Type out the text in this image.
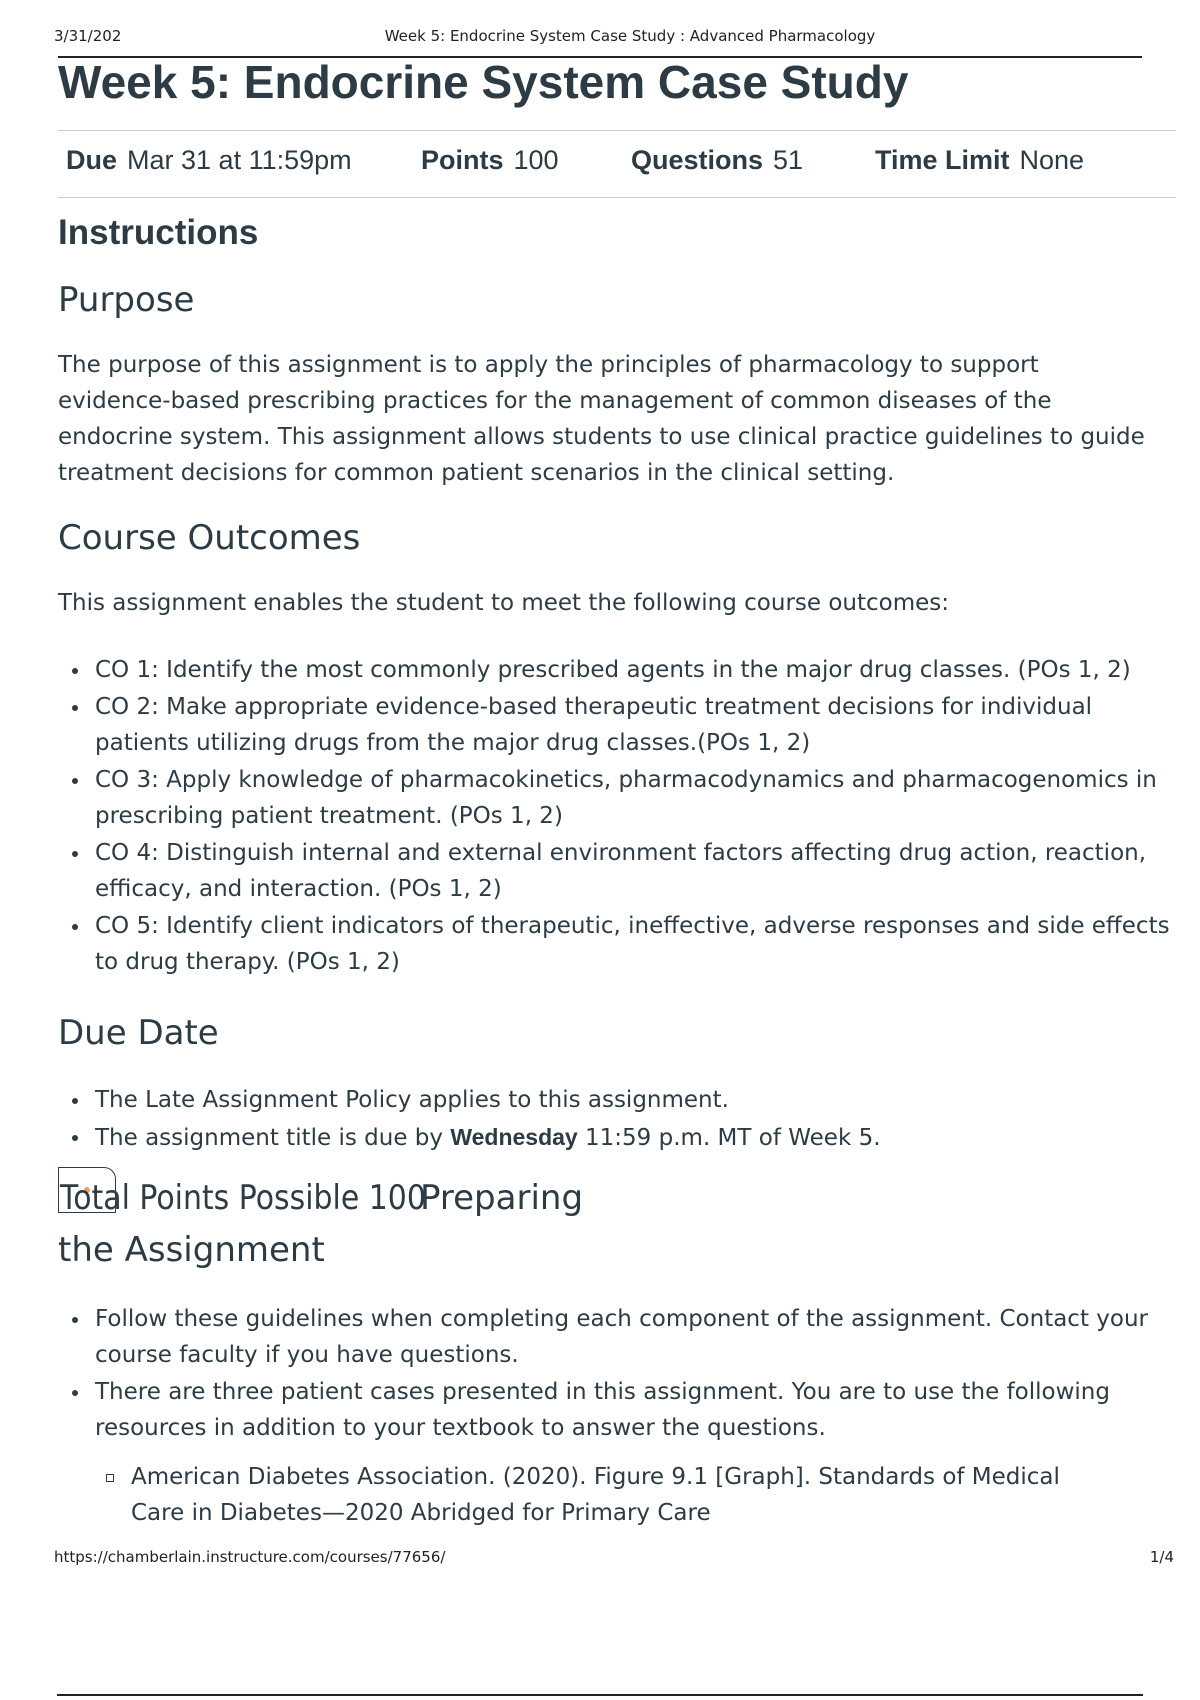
3/31/202	Week 5: Endocrine System Case Study : Advanced Pharmacology
Week 5: Endocrine System Case Study
Due Mar 31 at 11:59pm	Points 100	Questions 51	Time Limit None
Instructions
Purpose

The purpose of this assignment is to apply the principles of pharmacology to support evidence-based prescribing practices for the management of common diseases of the endocrine system. This assignment allows students to use clinical practice guidelines to guide treatment decisions for common patient scenarios in the clinical setting.

Course Outcomes

This assignment enables the student to meet the following course outcomes:

CO 1: Identify the most commonly prescribed agents in the major drug classes. (POs 1, 2)
CO 2: Make appropriate evidence-based therapeutic treatment decisions for individual patients utilizing drugs from the major drug classes.(POs 1, 2)
CO 3: Apply knowledge of pharmacokinetics, pharmacodynamics and pharmacogenomics in prescribing patient treatment. (POs 1, 2)
CO 4: Distinguish internal and external environment factors affecting drug action, reaction, efficacy, and interaction. (POs 1, 2)
CO 5: Identify client indicators of therapeutic, ineffective, adverse responses and side effects to drug therapy. (POs 1, 2)
Due Date
The Late Assignment Policy applies to this assignment.
The assignment title is due by Wednesday 11:59 p.m. MT of Week 5.
Total Points Possible 100
Preparing
the Assignment
Follow these guidelines when completing each component of the assignment. Contact your course faculty if you have questions.
There are three patient cases presented in this assignment. You are to use the following resources in addition to your textbook to answer the questions.
American Diabetes Association. (2020). Figure 9.1 [Graph]. Standards of Medical Care in Diabetes—2020 Abridged for Primary Care
https://chamberlain.instructure.com/courses/77656/	1/4
